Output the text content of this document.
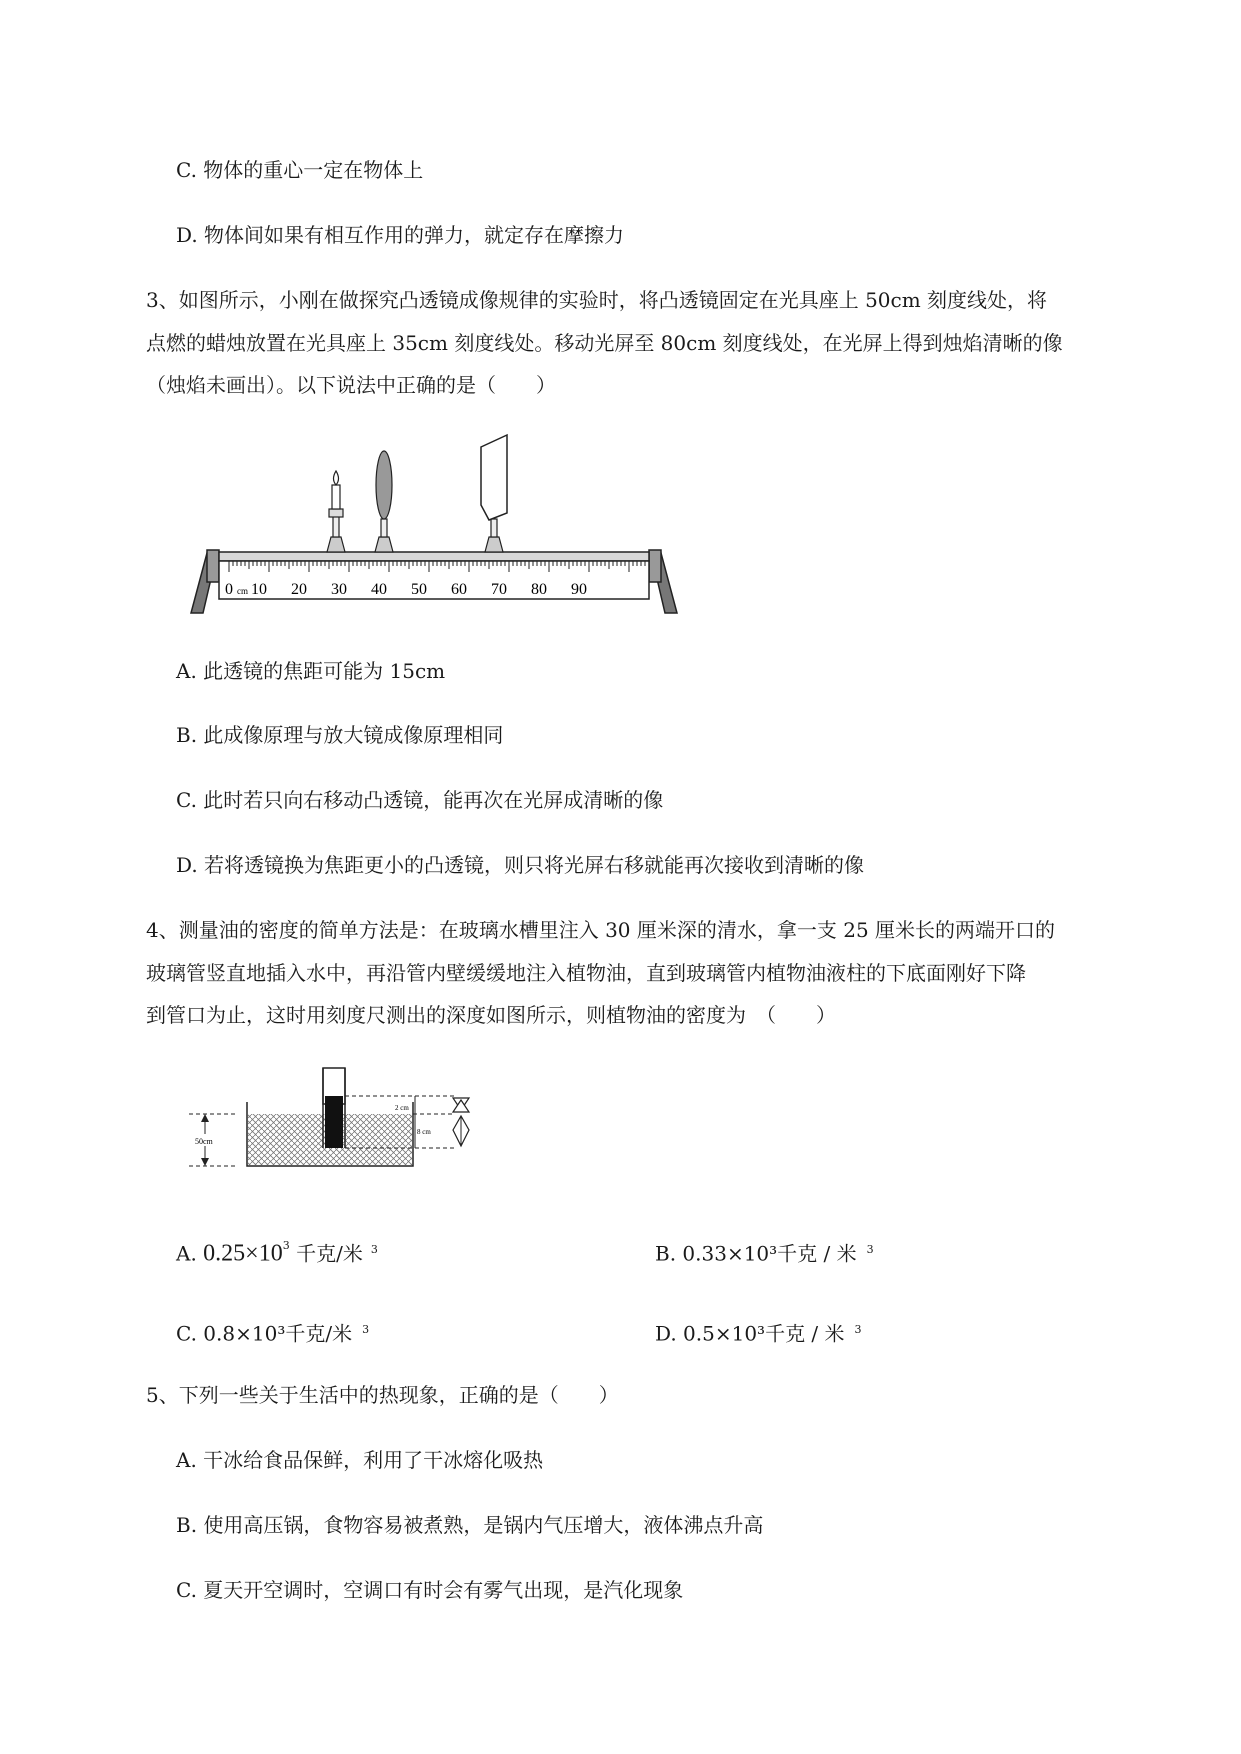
C. 物体的重心一定在物体上
D. 物体间如果有相互作用的弹力，就定存在摩擦力
3、如图所示，小刚在做探究凸透镜成像规律的实验时，将凸透镜固定在光具座上 50cm 刻度线处，将
点燃的蜡烛放置在光具座上 35cm 刻度线处。移动光屏至 80cm 刻度线处，在光屏上得到烛焰清晰的像
（烛焰未画出）。以下说法中正确的是（　　）
0 cm 10 20 30 40 50 60 70 80 90
A. 此透镜的焦距可能为 15cm
B. 此成像原理与放大镜成像原理相同
C. 此时若只向右移动凸透镜，能再次在光屏成清晰的像
D. 若将透镜换为焦距更小的凸透镜，则只将光屏右移就能再次接收到清晰的像
4、测量油的密度的简单方法是：在玻璃水槽里注入 30 厘米深的清水，拿一支 25 厘米长的两端开口的
玻璃管竖直地插入水中，再沿管内壁缓缓地注入植物油，直到玻璃管内植物油液柱的下底面刚好下降
到管口为止，这时用刻度尺测出的深度如图所示，则植物油的密度为　（　　）
50cm
2 cm
8 cm
A. $0.25\times 10^3$ 千克/米 $^3$	B. 0.33×10³千克 / 米 $^3$
C. 0.8×10³千克/米 $^3$	D. 0.5×10³千克 / 米 $^3$
5、下列一些关于生活中的热现象，正确的是（　　）
A. 干冰给食品保鲜，利用了干冰熔化吸热
B. 使用高压锅，食物容易被煮熟，是锅内气压增大，液体沸点升高
C. 夏天开空调时，空调口有时会有雾气出现，是汽化现象
